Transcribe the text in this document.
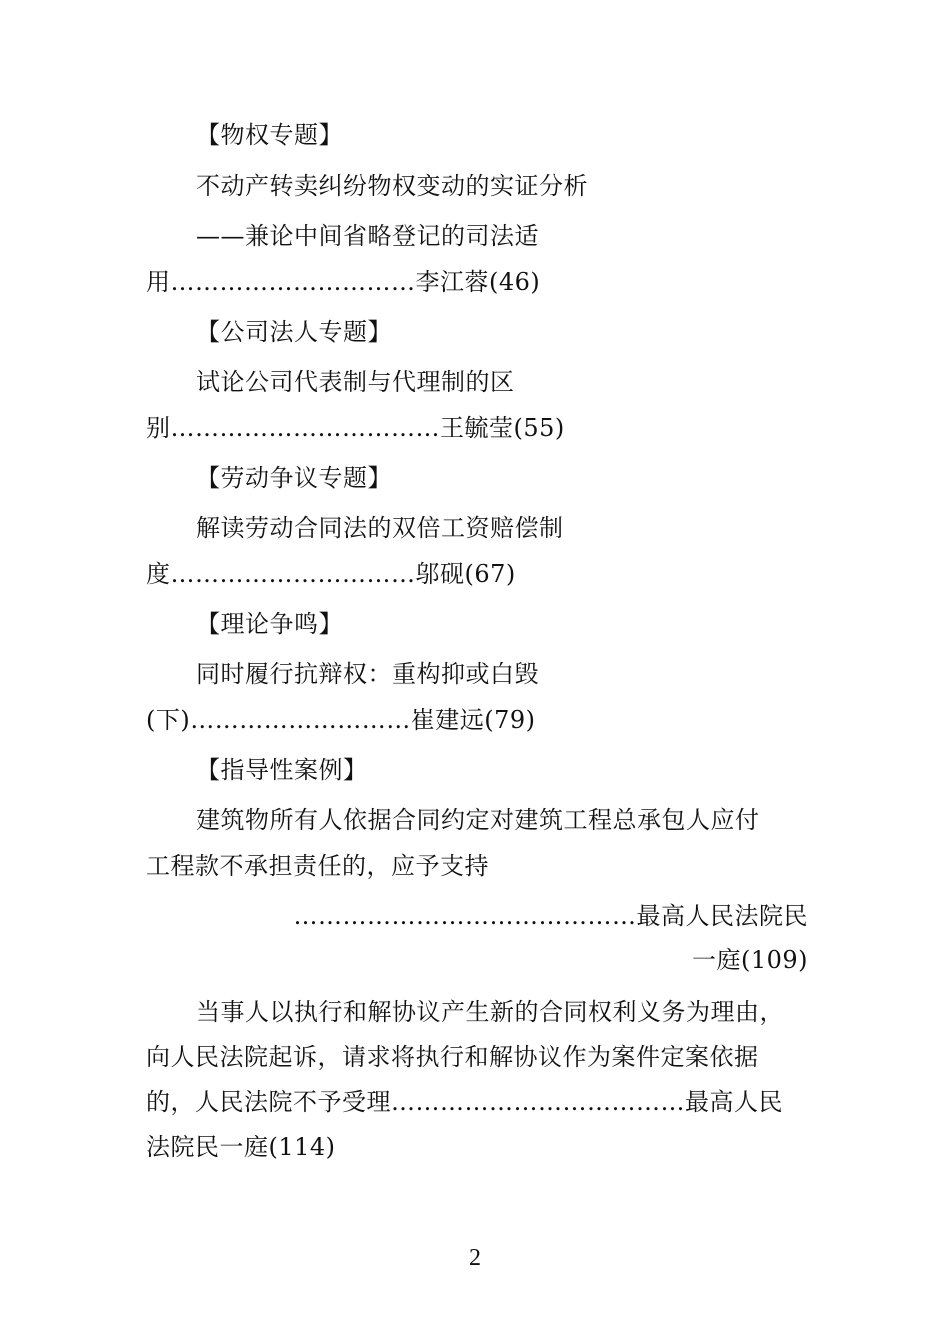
【物权专题】
不动产转卖纠纷物权变动的实证分析
——兼论中间省略登记的司法适
用…………………………李江蓉(46)
【公司法人专题】
试论公司代表制与代理制的区
别……………………………王毓莹(55)
【劳动争议专题】
解读劳动合同法的双倍工资赔偿制
度…………………………邬砚(67)
【理论争鸣】
同时履行抗辩权：重构抑或白毁
(下)………………………崔建远(79)
【指导性案例】
建筑物所有人依据合同约定对建筑工程总承包人应付
工程款不承担责任的，应予支持
……………………………………最高人民法院民
一庭(109)
当事人以执行和解协议产生新的合同权利义务为理由，
向人民法院起诉，请求将执行和解协议作为案件定案依据
的，人民法院不予受理………………………………最高人民
法院民一庭(114)
2
